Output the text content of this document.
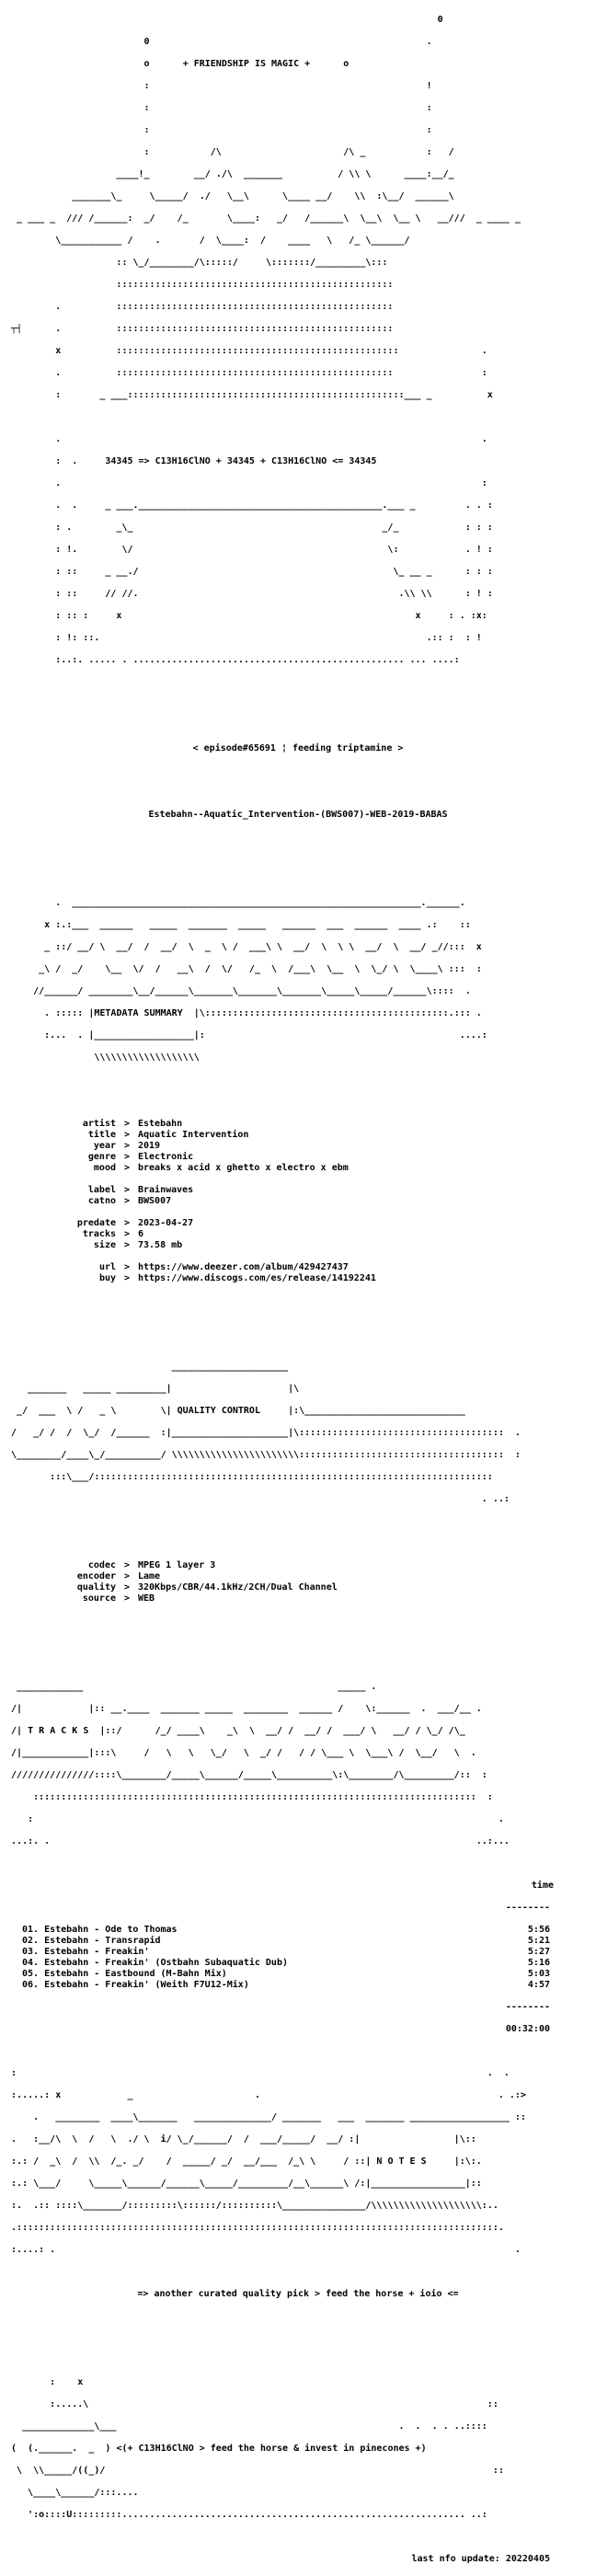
0

0                                                  .

o      + FRIENDSHIP IS MAGIC +      o

:                                                  !

:                                                  :

:                                                  :

:           /\                      /\ _           :   /

____!_        __/ ./\  _______          / \\ \      ____:__/_

_______\_     \_____/  ./   \__\      \____ __/    \\  :\__/  ______\

_ ___ _  /// /______:  _/    /_       \____:   _/   /______\  \__\  \__ \   __///  _ ____ _

\___________ /    .       /  \____:  /    ____   \   /_ \______/

:: \_/________/\:::::/     \:::::::/_________\:::

::::::::::::::::::::::::::::::::::::::::::::::::::

.          ::::::::::::::::::::::::::::::::::::::::::::::::::

┬┤      .          ::::::::::::::::::::::::::::::::::::::::::::::::::

x          :::::::::::::::::::::::::::::::::::::::::::::::::::               .

.          ::::::::::::::::::::::::::::::::::::::::::::::::::                :

:       _ ___::::::::::::::::::::::::::::::::::::::::::::::::::___ _          x

.                                                                            .

:  .     34345 => C13H16ClNO + 34345 + C13H16ClNO <= 34345

.                                                                            :

.  .     _ ___.____________________________________________.___ _         . . :

: .        _\_                                             _/_            : : :

: !.        \/                                              \:            . ! :

: ::     _ __./                                              \_ __ _      : : :

: ::     // //.                                               .\\ \\      : ! :

: :: :     x                                                     x     : . :x:

: !: ::.                                                           .:: :  : !

:..:. ..... . ................................................. ... ....:

< episode#65691 ¦ feeding triptamine >

Estebahn--Aquatic_Intervention-(BWS007)-WEB-2019-BABAS

.  _______________________________________________________________.______.

x :.:___  ______   _____  _______  _____   ______  ___  ______  ____ .:    ::

_ ::/ __/ \  __/  /  __/  \  _  \ /  ___\ \  __/  \  \ \  __/  \  __/ _//:::  x

_\ /  _/    \__  \/  /   __\  /  \/   /_  \  /___\  \__  \  \_/ \  \____\ :::  :

//______/ ________\__/______\_______\_______\_______\_____\_____/______\::::  .

. ::::: |METADATA SUMMARY  |\::::::::::::::::::::::::::::::::::::::::::::.::: .

:...  . |__________________|:                                              ....:

\\\\\\\\\\\\\\\\\\\

artist > Estebahn
title > Aquatic Intervention
year > 2019
genre > Electronic
mood > breaks x acid x ghetto x electro x ebm
label > Brainwaves
catno > BWS007
predate > 2023-04-27
tracks > 6
size > 73.58 mb
url > https://www.deezer.com/album/429427437
buy > https://www.discogs.com/es/release/14192241

_____________________

_______   _____ _________|                     |\

_/  ___  \ /   _ \        \| QUALITY CONTROL     |:\_____________________________

/   _/ /  /  \_/  /______  :|_____________________|\:::::::::::::::::::::::::::::::::::::  .

\________/____\_/__________/ \\\\\\\\\\\\\\\\\\\\\\\:::::::::::::::::::::::::::::::::::::  :

:::\___/::::::::::::::::::::::::::::::::::::::::::::::::::::::::::::::::::::::::

. ..:

codec > MPEG 1 layer 3
encoder > Lame
quality > 320Kbps/CBR/44.1kHz/2CH/Dual Channel
source > WEB

____________                                              _____ .

/|            |:: __.____  _______ _____  ________  ______ /    \:______  .  ___/__ .

/| T R A C K S  |::/      /_/ ____\    _\  \  __/ /  __/ /  ___/ \   __/ / \_/ /\_

/|____________|:::\     /   \   \   \_/   \  _/ /   / / \___ \  \___\ /  \__/   \  .

///////////////::::\________/_____\______/_____\__________\:\________/\_________/::  :

::::::::::::::::::::::::::::::::::::::::::::::::::::::::::::::::::::::::::::::::  :

:                                                                                    .

...:. .                                                                             ..:...

time

--------

01. Estebahn - Ode to Thomas	5:56
02. Estebahn - Transrapid	5:21
03. Estebahn - Freakin'	5:27
04. Estebahn - Freakin' (Ostbahn Subaquatic Dub)	5:16
05. Estebahn - Eastbound (M-Bahn Mix)	5:03
06. Estebahn - Freakin' (Weith F7U12-Mix)	4:57

--------

00:32:00

:                                                                                     .  .

:.....: x            _                      .                                           . .:>

.   ________  ____\_______   ______________/ _______   ___  _______ __________________ ::

.   :__/\  \  /   \  ./ \  i/ \_/______/  /  ___/_____/  __/ :|                 |\::

:.: /  _\  /  \\  /_. _/    /  _____/ _/  __/___  /_\ \     / ::| N O T E S     |:\:.

:.: \___/     \_____\______/______\_____/_________/__\______\ /:|_________________|::

:.  .:: ::::\_______/:::::::::\::::::/::::::::::\_______________/\\\\\\\\\\\\\\\\\\\\:..

.:::::::::::::::::::::::::::::::::::::::::::::::::::::::::::::::::::::::::::::::::::::::.

:....: .                                                                                   .

=> another curated quality pick > feed the horse + ioio <=

:    x

:.....\                                                                        ::

_____________\___                                                   .  .  . . ..::::

(  (.______.  _  ) <(+ C13H16ClNO > feed the horse & invest in pinecones +)

\  \\_____/((_)/                                                                      ::

\____\______/:::....

':o::::U:::::::::.............................................................. ..:

last nfo update: 20220405
